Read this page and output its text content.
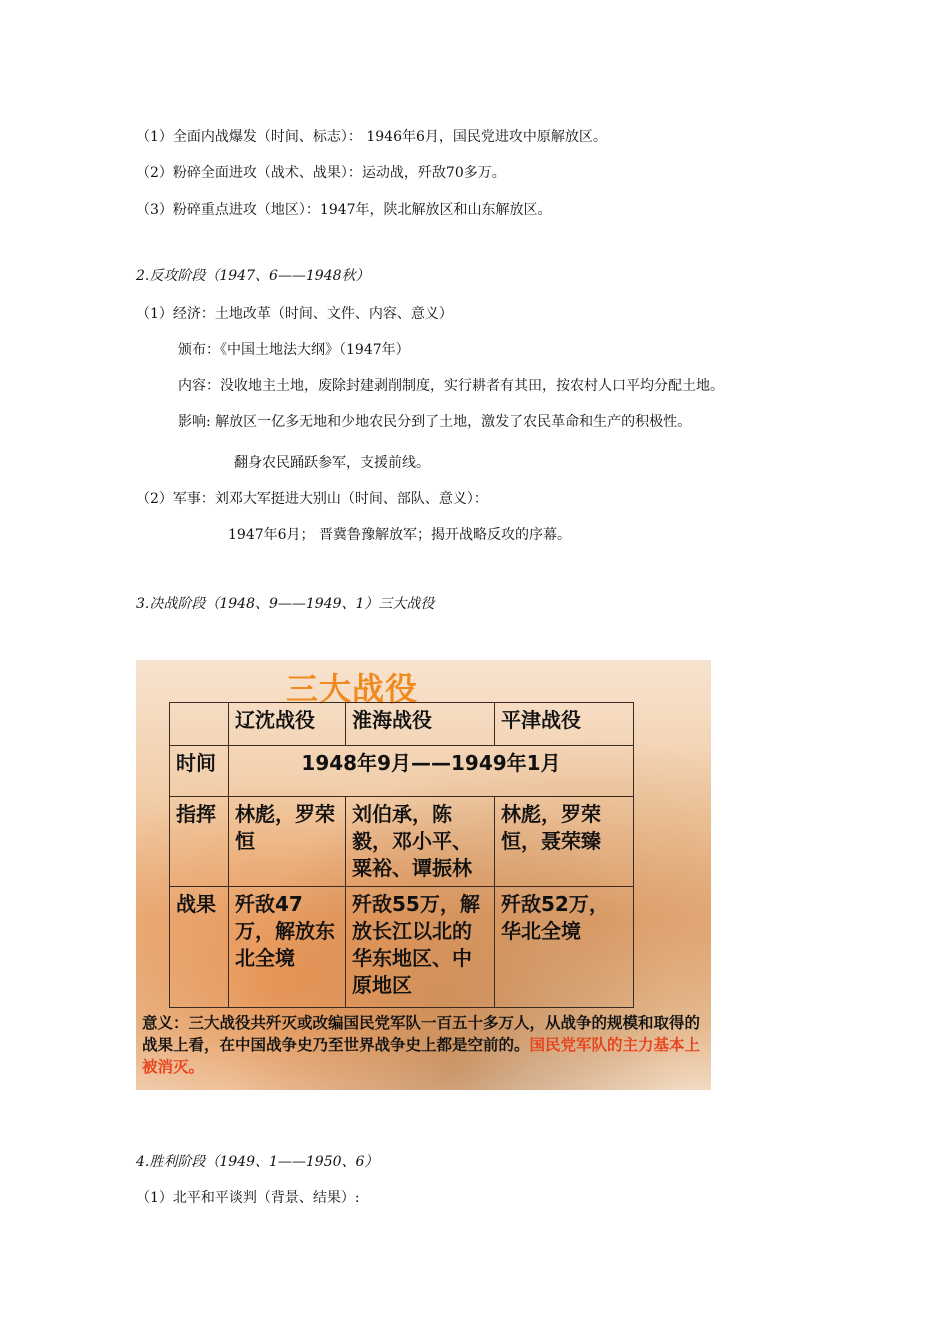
（1）全面内战爆发（时间、标志）： 1946年6月，国民党进攻中原解放区。
（2）粉碎全面进攻（战术、战果）：运动战，歼敌70多万。
（3）粉碎重点进攻（地区）：1947年，陕北解放区和山东解放区。
2.反攻阶段（1947、6——1948秋）
（1）经济：土地改革（时间、文件、内容、意义）
颁布：《中国土地法大纲》（1947年）
内容：没收地主土地，废除封建剥削制度，实行耕者有其田，按农村人口平均分配土地。
影响: 解放区一亿多无地和少地农民分到了土地，激发了农民革命和生产的积极性。
翻身农民踊跃参军，支援前线。
（2）军事：刘邓大军挺进大别山（时间、部队、意义）：
1947年6月； 晋冀鲁豫解放军；揭开战略反攻的序幕。
3.决战阶段（1948、9——1949、1）三大战役
三大战役
	辽沈战役	淮海战役	平津战役
时间	1948年9月——1949年1月		
指挥	林彪，罗荣恒	刘伯承，陈毅，邓小平、粟裕、谭振林	林彪，罗荣恒，聂荣臻
战果	歼敌47万，解放东北全境	歼敌55万，解放长江以北的华东地区、中原地区	歼敌52万，华北全境
意义：三大战役共歼灭或改编国民党军队一百五十多万人，从战争的规模和取得的战果上看，在中国战争史乃至世界战争史上都是空前的。国民党军队的主力基本上被消灭。
4.胜利阶段（1949、1——1950、6）
（1）北平和平谈判（背景、结果）:
